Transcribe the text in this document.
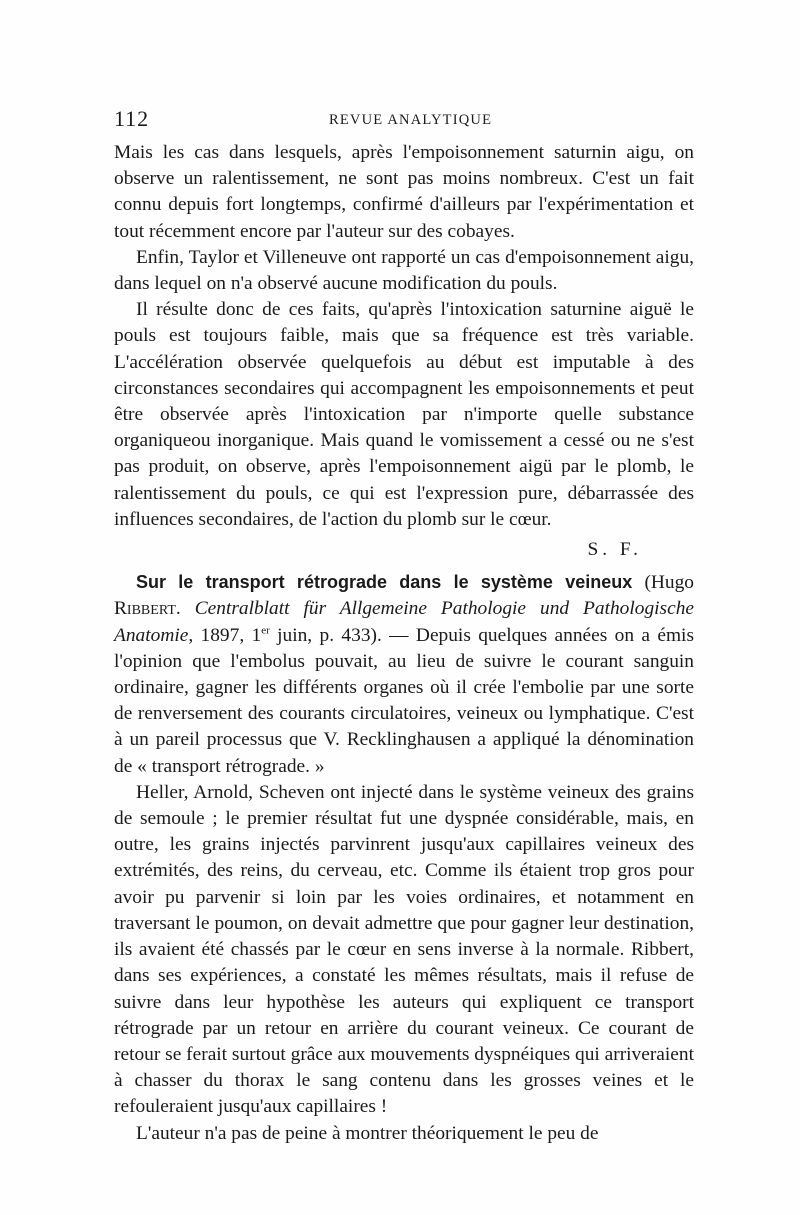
112	REVUE ANALYTIQUE

Mais les cas dans lesquels, après l'empoisonnement saturnin aigu, on observe un ralentissement, ne sont pas moins nombreux. C'est un fait connu depuis fort longtemps, confirmé d'ailleurs par l'expérimentation et tout récemment encore par l'auteur sur des cobayes.

Enfin, Taylor et Villeneuve ont rapporté un cas d'empoisonnement aigu, dans lequel on n'a observé aucune modification du pouls.

Il résulte donc de ces faits, qu'après l'intoxication saturnine aiguë le pouls est toujours faible, mais que sa fréquence est très variable. L'accélération observée quelquefois au début est imputable à des circonstances secondaires qui accompagnent les empoisonnements et peut être observée après l'intoxication par n'importe quelle substance organiqueou inorganique. Mais quand le vomissement a cessé ou ne s'est pas produit, on observe, après l'empoisonnement aigü par le plomb, le ralentissement du pouls, ce qui est l'expression pure, débarrassée des influences secondaires, de l'action du plomb sur le cœur.

S. F.

Sur le transport rétrograde dans le système veineux (Hugo Ribbert. Centralblatt für Allgemeine Pathologie und Pathologische Anatomie, 1897, 1er juin, p. 433). — Depuis quelques années on a émis l'opinion que l'embolus pouvait, au lieu de suivre le courant sanguin ordinaire, gagner les différents organes où il crée l'embolie par une sorte de renversement des courants circulatoires, veineux ou lymphatique. C'est à un pareil processus que V. Recklinghausen a appliqué la dénomination de « transport rétrograde. »

Heller, Arnold, Scheven ont injecté dans le système veineux des grains de semoule ; le premier résultat fut une dyspnée considérable, mais, en outre, les grains injectés parvinrent jusqu'aux capillaires veineux des extrémités, des reins, du cerveau, etc. Comme ils étaient trop gros pour avoir pu parvenir si loin par les voies ordinaires, et notamment en traversant le poumon, on devait admettre que pour gagner leur destination, ils avaient été chassés par le cœur en sens inverse à la normale. Ribbert, dans ses expériences, a constaté les mêmes résultats, mais il refuse de suivre dans leur hypothèse les auteurs qui expliquent ce transport rétrograde par un retour en arrière du courant veineux. Ce courant de retour se ferait surtout grâce aux mouvements dyspnéiques qui arriveraient à chasser du thorax le sang contenu dans les grosses veines et le refouleraient jusqu'aux capillaires !

L'auteur n'a pas de peine à montrer théoriquement le peu de
